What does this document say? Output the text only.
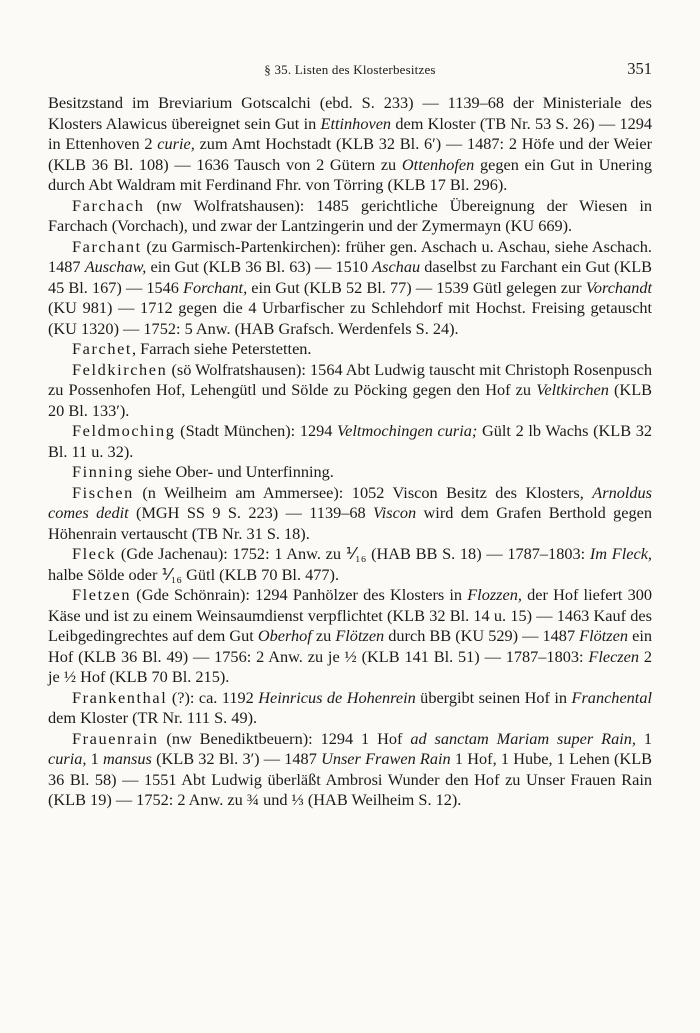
§ 35. Listen des Klosterbesitzes	351

Besitzstand im Breviarium Gotscalchi (ebd. S. 233) — 1139–68 der Ministeriale des Klosters Alawicus übereignet sein Gut in Ettinhoven dem Kloster (TB Nr. 53 S. 26) — 1294 in Ettenhoven 2 curie, zum Amt Hochstadt (KLB 32 Bl. 6′) — 1487: 2 Höfe und der Weier (KLB 36 Bl. 108) — 1636 Tausch von 2 Gütern zu Ottenhofen gegen ein Gut in Unering durch Abt Waldram mit Ferdinand Fhr. von Törring (KLB 17 Bl. 296).

Farchach (nw Wolfratshausen): 1485 gerichtliche Übereignung der Wiesen in Farchach (Vorchach), und zwar der Lantzingerin und der Zymermayn (KU 669).

Farchant (zu Garmisch-Partenkirchen): früher gen. Aschach u. Aschau, siehe Aschach. 1487 Auschaw, ein Gut (KLB 36 Bl. 63) — 1510 Aschau daselbst zu Farchant ein Gut (KLB 45 Bl. 167) — 1546 Forchant, ein Gut (KLB 52 Bl. 77) — 1539 Gütl gelegen zur Vorchandt (KU 981) — 1712 gegen die 4 Urbarfischer zu Schlehdorf mit Hochst. Freising getauscht (KU 1320) — 1752: 5 Anw. (HAB Grafsch. Werdenfels S. 24).

Farchet, Farrach siehe Peterstetten.

Feldkirchen (sö Wolfratshausen): 1564 Abt Ludwig tauscht mit Christoph Rosenpusch zu Possenhofen Hof, Lehengütl und Sölde zu Pöcking gegen den Hof zu Veltkirchen (KLB 20 Bl. 133′).

Feldmoching (Stadt München): 1294 Veltmochingen curia; Gült 2 lb Wachs (KLB 32 Bl. 11 u. 32).

Finning siehe Ober- und Unterfinning.

Fischen (n Weilheim am Ammersee): 1052 Viscon Besitz des Klosters, Arnoldus comes dedit (MGH SS 9 S. 223) — 1139–68 Viscon wird dem Grafen Berthold gegen Höhenrain vertauscht (TB Nr. 31 S. 18).

Fleck (Gde Jachenau): 1752: 1 Anw. zu ⅟₁₆ (HAB BB S. 18) — 1787–1803: Im Fleck, halbe Sölde oder ⅟₁₆ Gütl (KLB 70 Bl. 477).

Fletzen (Gde Schönrain): 1294 Panhölzer des Klosters in Flozzen, der Hof liefert 300 Käse und ist zu einem Weinsaumdienst verpflichtet (KLB 32 Bl. 14 u. 15) — 1463 Kauf des Leibgedingrechtes auf dem Gut Oberhof zu Flötzen durch BB (KU 529) — 1487 Flötzen ein Hof (KLB 36 Bl. 49) — 1756: 2 Anw. zu je ½ (KLB 141 Bl. 51) — 1787–1803: Fleczen 2 je ½ Hof (KLB 70 Bl. 215).

Frankenthal (?): ca. 1192 Heinricus de Hohenrein übergibt seinen Hof in Franchental dem Kloster (TR Nr. 111 S. 49).

Frauenrain (nw Benediktbeuern): 1294 1 Hof ad sanctam Mariam super Rain, 1 curia, 1 mansus (KLB 32 Bl. 3′) — 1487 Unser Frawen Rain 1 Hof, 1 Hube, 1 Lehen (KLB 36 Bl. 58) — 1551 Abt Ludwig überläßt Ambrosi Wunder den Hof zu Unser Frauen Rain (KLB 19) — 1752: 2 Anw. zu ¾ und ⅓ (HAB Weilheim S. 12).
